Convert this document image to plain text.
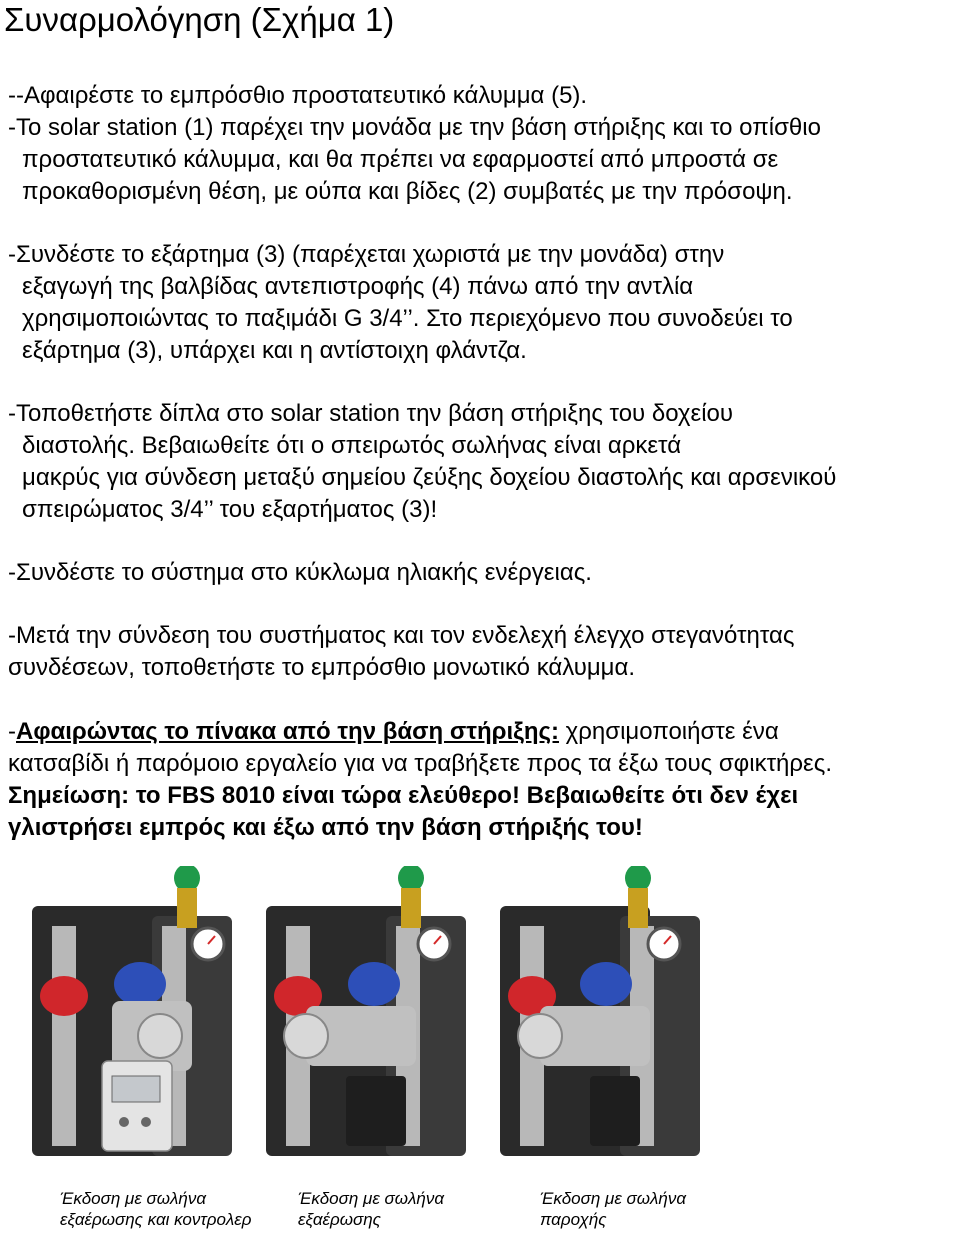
Συναρμολόγηση (Σχήμα 1)
--Αφαιρέστε το εμπρόσθιο προστατευτικό κάλυμμα (5).
-Το solar station (1) παρέχει την μονάδα με την βάση στήριξης και το οπίσθιο
προστατευτικό κάλυμμα, και θα πρέπει να εφαρμοστεί από μπροστά σε
προκαθορισμένη θέση, με ούπα και βίδες (2) συμβατές με την πρόσοψη.
-Συνδέστε το εξάρτημα (3) (παρέχεται χωριστά με την μονάδα) στην
εξαγωγή της βαλβίδας αντεπιστροφής (4) πάνω από την αντλία
χρησιμοποιώντας το παξιμάδι G 3/4’’. Στο περιεχόμενο που συνοδεύει το
εξάρτημα (3), υπάρχει και η αντίστοιχη φλάντζα.
-Τοποθετήστε δίπλα στο solar station την βάση στήριξης του δοχείου
διαστολής. Βεβαιωθείτε ότι ο σπειρωτός σωλήνας είναι αρκετά
μακρύς για σύνδεση μεταξύ σημείου ζεύξης δοχείου διαστολής και αρσενικού
σπειρώματος 3/4’’ του εξαρτήματος (3)!
-Συνδέστε το σύστημα στο κύκλωμα ηλιακής ενέργειας.
-Μετά την σύνδεση του συστήματος και τον ενδελεχή έλεγχο στεγανότητας
συνδέσεων, τοποθετήστε το εμπρόσθιο μονωτικό κάλυμμα.
-Αφαιρώντας το πίνακα από την βάση στήριξης: χρησιμοποιήστε ένα
κατσαβίδι ή παρόμοιο εργαλείο για να τραβήξετε προς τα έξω τους σφικτήρες.
Σημείωση: το FBS 8010 είναι τώρα ελεύθερο! Βεβαιωθείτε ότι δεν έχει
γλιστρήσει εμπρός και έξω από την βάση στήριξής του!
Έκδοση με σωλήνα
εξαέρωσης και κοντρολερ
Έκδοση με σωλήνα
εξαέρωσης
Έκδοση με σωλήνα
παροχής
